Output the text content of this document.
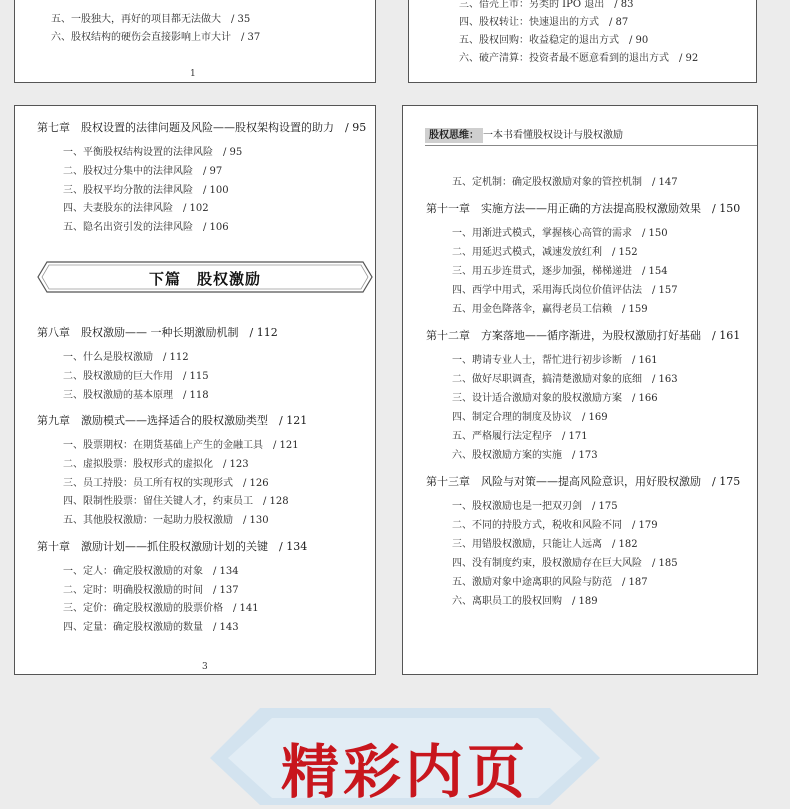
五、一股独大，再好的项目都无法做大　/ 35
六、股权结构的硬伤会直接影响上市大计　/ 37
1
三、借壳上市：另类的 IPO 退出　/ 83
四、股权转让：快速退出的方式　/ 87
五、股权回购：收益稳定的退出方式　/ 90
六、破产清算：投资者最不愿意看到的退出方式　/ 92
第七章　股权设置的法律问题及风险——股权架构设置的助力　/ 95
一、平衡股权结构设置的法律风险　/ 95
二、股权过分集中的法律风险　/ 97
三、股权平均分散的法律风险　/ 100
四、夫妻股东的法律风险　/ 102
五、隐名出资引发的法律风险　/ 106
下篇　股权激励
第八章　股权激励—— 一种长期激励机制　/ 112
一、什么是股权激励　/ 112
二、股权激励的巨大作用　/ 115
三、股权激励的基本原理　/ 118
第九章　激励模式——选择适合的股权激励类型　/ 121
一、股票期权：在期货基础上产生的金融工具　/ 121
二、虚拟股票：股权形式的虚拟化　/ 123
三、员工持股：员工所有权的实现形式　/ 126
四、限制性股票：留住关键人才，约束员工　/ 128
五、其他股权激励：一起助力股权激励　/ 130
第十章　激励计划——抓住股权激励计划的关键　/ 134
一、定人：确定股权激励的对象　/ 134
二、定时：明确股权激励的时间　/ 137
三、定价：确定股权激励的股票价格　/ 141
四、定量：确定股权激励的数量　/ 143
3
股权思维： 一本书看懂股权设计与股权激励
五、定机制：确定股权激励对象的管控机制　/ 147
第十一章　实施方法——用正确的方法提高股权激励效果　/ 150
一、用渐进式模式，掌握核心高管的需求　/ 150
二、用延迟式模式，减速发放红利　/ 152
三、用五步连贯式，逐步加强，梯梯递进　/ 154
四、西学中用式，采用海氏岗位价值评估法　/ 157
五、用金色降落伞，赢得老员工信赖　/ 159
第十二章　方案落地——循序渐进，为股权激励打好基础　/ 161
一、聘请专业人士，帮忙进行初步诊断　/ 161
二、做好尽职调查，搞清楚激励对象的底细　/ 163
三、设计适合激励对象的股权激励方案　/ 166
四、制定合理的制度及协议　/ 169
五、严格履行法定程序　/ 171
六、股权激励方案的实施　/ 173
第十三章　风险与对策——提高风险意识，用好股权激励　/ 175
一、股权激励也是一把双刃剑　/ 175
二、不同的持股方式，税收和风险不同　/ 179
三、用错股权激励，只能让人远离　/ 182
四、没有制度约束，股权激励存在巨大风险　/ 185
五、激励对象中途离职的风险与防范　/ 187
六、离职员工的股权回购　/ 189
精彩内页
